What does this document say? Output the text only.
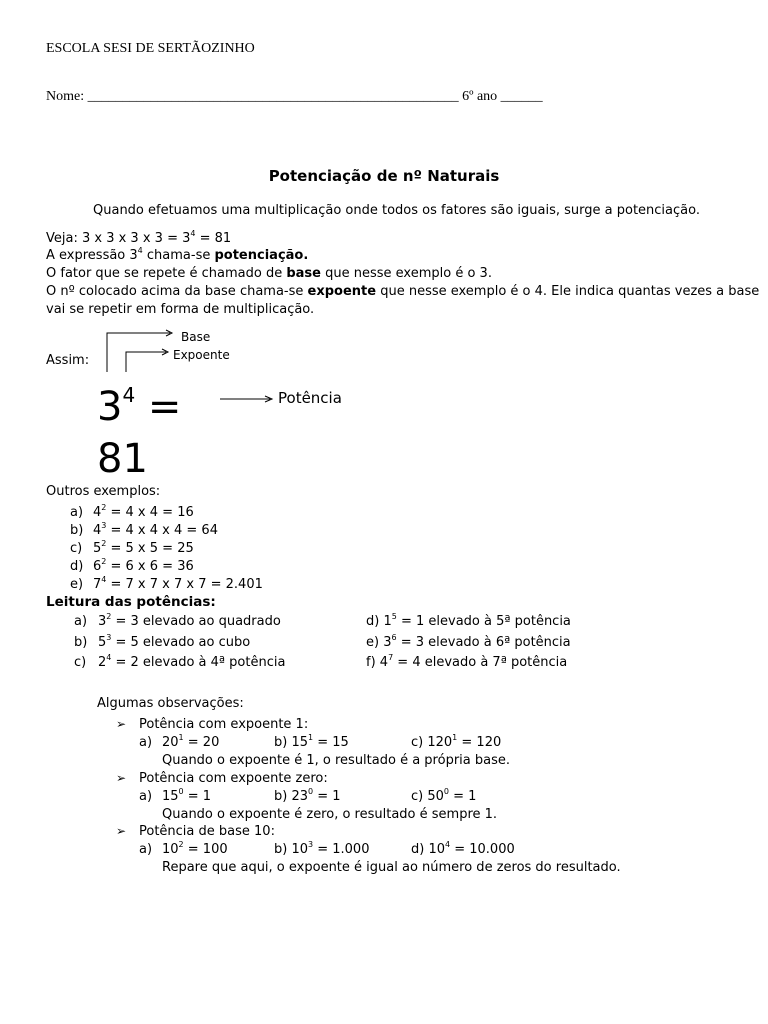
ESCOLA SESI DE SERTÃOZINHO
Nome: _____________________________________________________ 6º ano ______
Potenciação de nº Naturais
Quando efetuamos uma multiplicação onde todos os fatores são iguais, surge a potenciação.
Veja: 3 x 3 x 3 x $3 = 3^4 = 81$
A expressão $3^4$ chama-se potenciação.
O fator que se repete é chamado de base que nesse exemplo é o 3.
O nº colocado acima da base chama-se expoente que nesse exemplo é o 4. Ele indica quantas vezes a base
vai se repetir em forma de multiplicação.
Base
Expoente
Assim:
$3^4$ =
81
Potência
Outros exemplos:
a) $4^2 = 4$ x 4 = 16
b) $4^3 = 4$ x 4 x 4 = 64
c) $5^2 = 5$ x 5 = 25
d) $6^2 = 6$ x 6 = 36
e) $7^4 = 7$ x 7 x 7 x 7 = 2.401
Leitura das potências:
a) $3^2 = 3$ elevado ao quadrado
b) $5^3 = 5$ elevado ao cubo
c) $2^4 = 2$ elevado à 4ª potência
d) $1^5 = 1$ elevado à 5ª potência
e) $3^6 = 3$ elevado à 6ª potência
f) $4^7 = 4$ elevado à 7ª potência
Algumas observações:
➢ Potência com expoente 1:
a) $20^1 = 20$	b) $15^1 = 15$	c) $120^1 = 120$
Quando o expoente é 1, o resultado é a própria base.
➢ Potência com expoente zero:
a) $15^0 = 1$	b) $23^0 = 1$	c) $50^0 = 1$
Quando o expoente é zero, o resultado é sempre 1.
➢ Potência de base 10:
a) $10^2 = 100$	b) $10^3 = 1.000$	d) $10^4 = 10.000$
Repare que aqui, o expoente é igual ao número de zeros do resultado.
